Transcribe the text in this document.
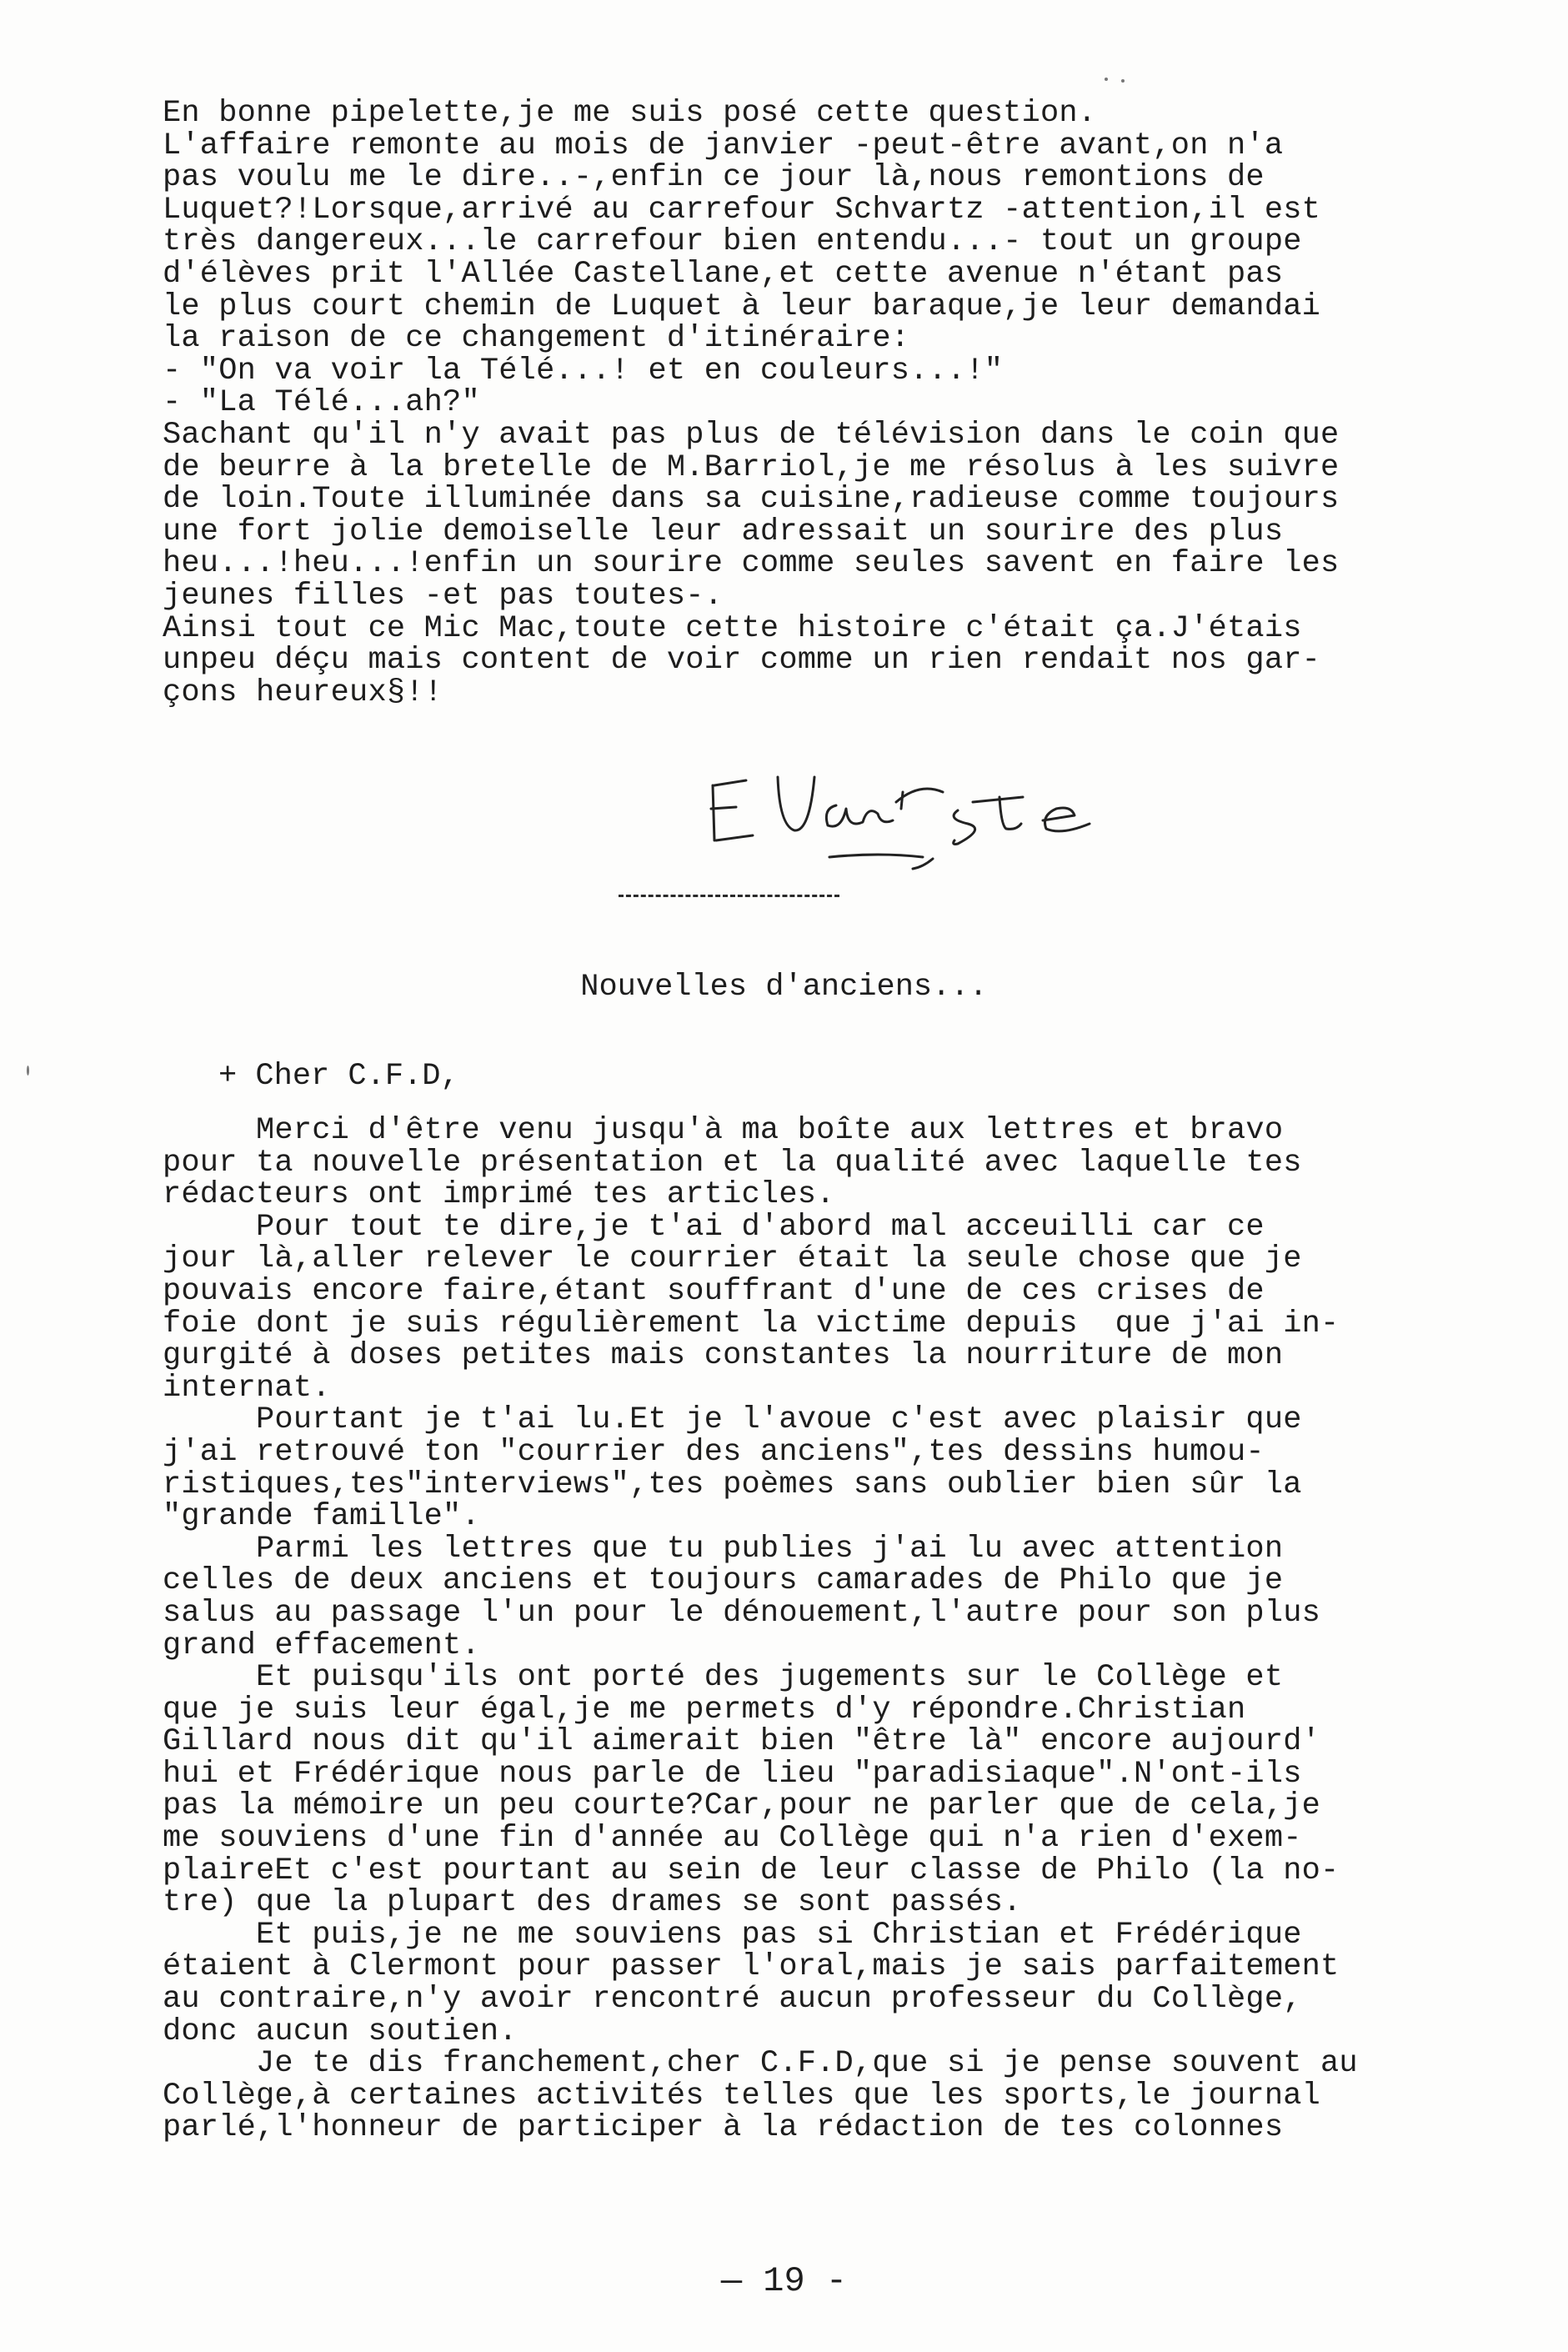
En bonne pipelette,je me suis posé cette question.
L'affaire remonte au mois de janvier -peut-être avant,on n'a
pas voulu me le dire..-,enfin ce jour là,nous remontions de
Luquet?!Lorsque,arrivé au carrefour Schvartz -attention,il est
très dangereux...le carrefour bien entendu...- tout un groupe
d'élèves prit l'Allée Castellane,et cette avenue n'étant pas
le plus court chemin de Luquet à leur baraque,je leur demandai
la raison de ce changement d'itinéraire:
- "On va voir la Télé...! et en couleurs...!"
- "La Télé...ah?"
Sachant qu'il n'y avait pas plus de télévision dans le coin que
de beurre à la bretelle de M.Barriol,je me résolus à les suivre
de loin.Toute illuminée dans sa cuisine,radieuse comme toujours
une fort jolie demoiselle leur adressait un sourire des plus
heu...!heu...!enfin un sourire comme seules savent en faire les
jeunes filles -et pas toutes-.
Ainsi tout ce Mic Mac,toute cette histoire c'était ça.J'étais
unpeu déçu mais content de voir comme un rien rendait nos gar-
çons heureux§!!
Nouvelles d'anciens...
+ Cher C.F.D,
Merci d'être venu jusqu'à ma boîte aux lettres et bravo
pour ta nouvelle présentation et la qualité avec laquelle tes
rédacteurs ont imprimé tes articles.
Pour tout te dire,je t'ai d'abord mal acceuilli car ce
jour là,aller relever le courrier était la seule chose que je
pouvais encore faire,étant souffrant d'une de ces crises de
foie dont je suis régulièrement la victime depuis  que j'ai in-
gurgité à doses petites mais constantes la nourriture de mon
internat.
Pourtant je t'ai lu.Et je l'avoue c'est avec plaisir que
j'ai retrouvé ton "courrier des anciens",tes dessins humou-
ristiques,tes"interviews",tes poèmes sans oublier bien sûr la
"grande famille".
Parmi les lettres que tu publies j'ai lu avec attention
celles de deux anciens et toujours camarades de Philo que je
salus au passage l'un pour le dénouement,l'autre pour son plus
grand effacement.
Et puisqu'ils ont porté des jugements sur le Collège et
que je suis leur égal,je me permets d'y répondre.Christian
Gillard nous dit qu'il aimerait bien "être là" encore aujourd'
hui et Frédérique nous parle de lieu "paradisiaque".N'ont-ils
pas la mémoire un peu courte?Car,pour ne parler que de cela,je
me souviens d'une fin d'année au Collège qui n'a rien d'exem-
plaireEt c'est pourtant au sein de leur classe de Philo (la no-
tre) que la plupart des drames se sont passés.
Et puis,je ne me souviens pas si Christian et Frédérique
étaient à Clermont pour passer l'oral,mais je sais parfaitement
au contraire,n'y avoir rencontré aucun professeur du Collège,
donc aucun soutien.
Je te dis franchement,cher C.F.D,que si je pense souvent au
Collège,à certaines activités telles que les sports,le journal
parlé,l'honneur de participer à la rédaction de tes colonnes
— 19 -
